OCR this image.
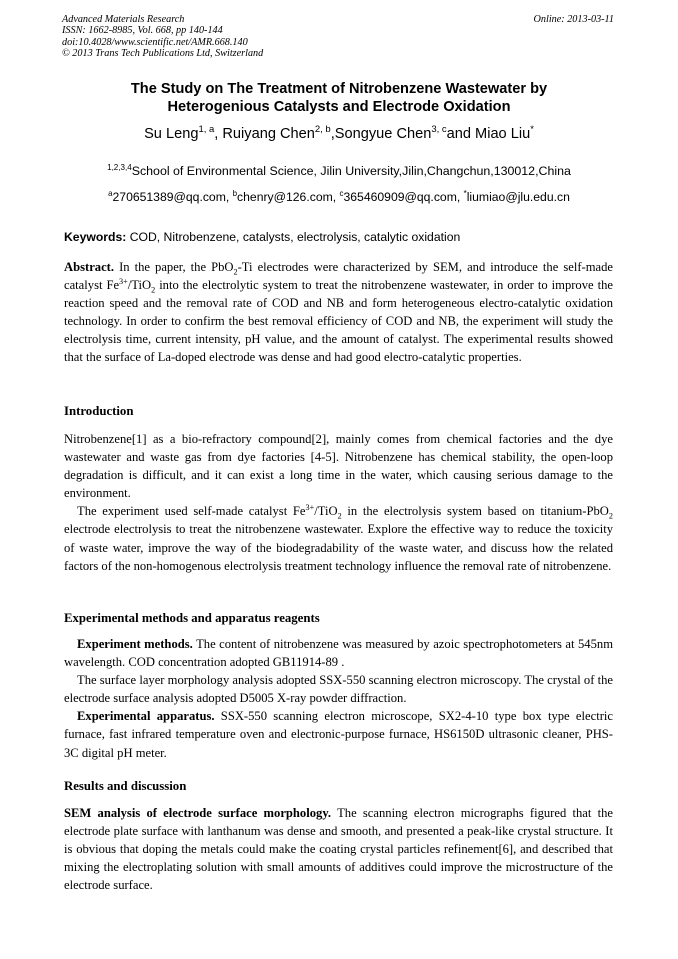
Advanced Materials Research
ISSN: 1662-8985, Vol. 668, pp 140-144
doi:10.4028/www.scientific.net/AMR.668.140
© 2013 Trans Tech Publications Ltd, Switzerland
Online: 2013-03-11
The Study on The Treatment of Nitrobenzene Wastewater by
Heterogenious Catalysts and Electrode Oxidation
Su Leng$^{1, a}$, Ruiyang Chen$^{2, b}$,Songyue Chen$^{3, c}$and Miao Liu*
$^{1,2,3,4}$School of Environmental Science, Jilin University,Jilin,Changchun,130012,China
$^a$270651389@qq.com, $^b$chenry@126.com, $^c$365460909@qq.com, *liumiao@jlu.edu.cn
Keywords: COD, Nitrobenzene, catalysts, electrolysis, catalytic oxidation

Abstract. In the paper, the PbO$_2$-Ti electrodes were characterized by SEM, and introduce the self-made catalyst $Fe^{3+}/TiO_2$ into the electrolytic system to treat the nitrobenzene wastewater, in order to improve the reaction speed and the removal rate of COD and NB and form heterogeneous electro-catalytic oxidation technology. In order to confirm the best removal efficiency of COD and NB, the experiment will study the electrolysis time, current intensity, pH value, and the amount of catalyst. The experimental results showed that the surface of La-doped electrode was dense and had good electro-catalytic properties.

Introduction

Nitrobenzene[1] as a bio-refractory compound[2], mainly comes from chemical factories and the dye wastewater and waste gas from dye factories [4-5]. Nitrobenzene has chemical stability, the open-loop degradation is difficult, and it can exist a long time in the water, which causing serious damage to the environment.

The experiment used self-made catalyst $Fe^{3+}/TiO_2$ in the electrolysis system based on titanium-PbO$_2$ electrode electrolysis to treat the nitrobenzene wastewater. Explore the effective way to reduce the toxicity of waste water, improve the way of the biodegradability of the waste water, and discuss how the related factors of the non-homogenous electrolysis treatment technology influence the removal rate of nitrobenzene.

Experimental methods and apparatus reagents

Experiment methods. The content of nitrobenzene was measured by azoic spectrophotometers at 545nm wavelength. COD concentration adopted GB11914-89 .

The surface layer morphology analysis adopted SSX-550 scanning electron microscopy. The crystal of the electrode surface analysis adopted D5005 X-ray powder diffraction.

Experimental apparatus. SSX-550 scanning electron microscope, SX2-4-10 type box type electric furnace, fast infrared temperature oven and electronic-purpose furnace, HS6150D ultrasonic cleaner, PHS-3C digital pH meter.

Results and discussion

SEM analysis of electrode surface morphology. The scanning electron micrographs figured that the electrode plate surface with lanthanum was dense and smooth, and presented a peak-like crystal structure. It is obvious that doping the metals could make the coating crystal particles refinement[6], and described that mixing the electroplating solution with small amounts of additives could improve the microstructure of the electrode surface.
